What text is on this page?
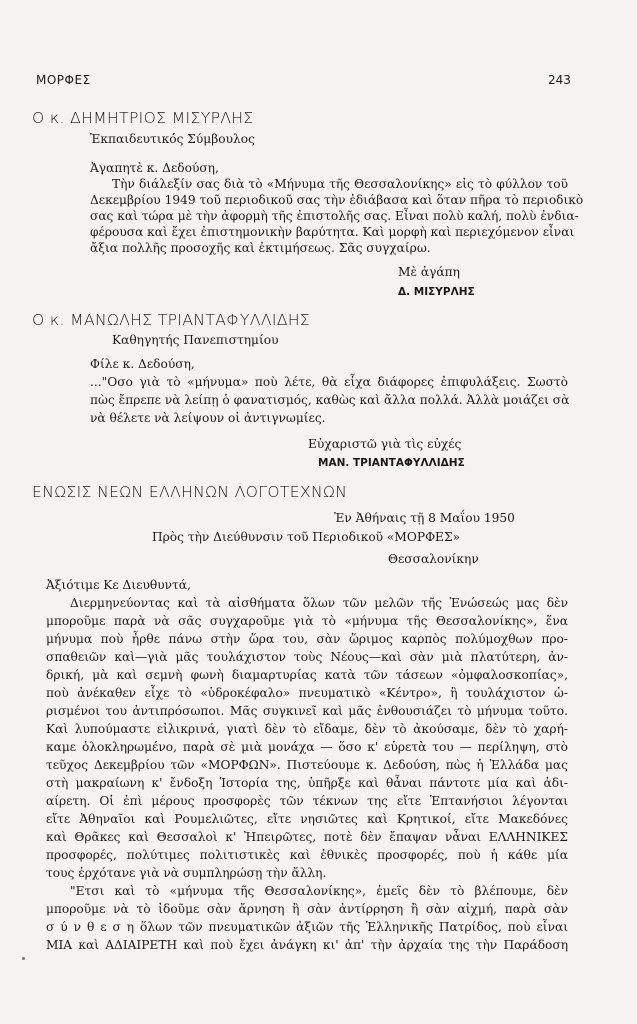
ΜΟΡΦΕΣ	243
Ο κ. ΔΗΜΗΤΡΙΟΣ ΜΙΣΥΡΛΗΣ
Ἐκπαιδευτικός Σύμβουλος
Ἀγαπητὲ κ. Δεδούση,
Τὴν διάλεξίν σας διὰ τὸ «Μήνυμα τῆς Θεσσαλονίκης» εἰς τὸ φύλλον τοῦ
Δεκεμβρίου 1949 τοῦ περιοδικοῦ σας τὴν ἐδιάβασα καὶ ὅταν πῆρα τὸ περιοδικὸ
σας καὶ τώρα μὲ τὴν ἀφορμὴ τῆς ἐπιστολῆς σας. Εἶναι πολὺ καλή, πολὺ ἐνδια-
φέρουσα καὶ ἔχει ἐπιστημονικὴν βαρύτητα. Καὶ μορφὴ καὶ περιεχόμενον εἶναι
ἄξια πολλῆς προσοχῆς καὶ ἐκτιμήσεως. Σᾶς συγχαίρω.
Μὲ ἀγάπη
Δ. ΜΙΣΥΡΛΗΣ
Ο κ. ΜΑΝΩΛΗΣ ΤΡΙΑΝΤΑΦΥΛΛΙΔΗΣ
Καθηγητής Πανεπιστημίου
Φίλε κ. Δεδούση,
..."Οσο γιὰ τὸ «μήνυμα» ποὺ λέτε, θὰ εἶχα διάφορες ἐπιφυλάξεις. Σωστὸ
πὼς ἔπρεπε νὰ λείπῃ ὁ φανατισμός, καθὼς καὶ ἄλλα πολλά. Ἀλλὰ μοιάζει σὰ
νὰ θέλετε νὰ λείψουν οἱ ἀντιγνωμίες.
Εὐχαριστῶ γιὰ τὶς εὐχές
ΜΑΝ. ΤΡΙΑΝΤΑΦΥΛΛΙΔΗΣ
ΕΝΩΣΙΣ ΝΕΩΝ ΕΛΛΗΝΩΝ ΛΟΓΟΤΕΧΝΩΝ
Ἐν Ἀθήναις τῇ 8 Μαΐου 1950
Πρὸς τὴν Διεύθυνσιν τοῦ Περιοδικοῦ «ΜΟΡΦΕΣ»
Θεσσαλονίκην
Ἀξιότιμε Κε Διευθυντά,
Διερμηνεύοντας καὶ τὰ αἰσθήματα ὅλων τῶν μελῶν τῆς Ἑνώσεώς μας δὲν
μποροῦμε παρὰ νὰ σᾶς συγχαροῦμε γιὰ τὸ «μήνυμα τῆς Θεσσαλονίκης», ἕνα
μήνυμα ποὺ ἦρθε πάνω στὴν ὥρα του, σὰν ὥριμος καρπὸς πολύμοχθων προ-
σπαθειῶν καὶ—γιὰ μᾶς τουλάχιστον τοὺς Νέους—καὶ σὰν μιὰ πλατύτερη, ἀν-
δρική, μὰ καὶ σεμνὴ φωνὴ διαμαρτυρίας κατὰ τῶν τάσεων «ὀμφαλοσκοπίας»,
ποὺ ἀνέκαθεν εἶχε τὸ «ὑδροκέφαλο» πνευματικὸ «Κέντρο», ἢ τουλάχιστον ὡ-
ρισμένοι του ἀντιπρόσωποι. Μᾶς συγκινεῖ καὶ μᾶς ἐνθουσιάζει τὸ μήνυμα τοῦτο.
Καὶ λυπούμαστε εἰλικρινά, γιατὶ δὲν τὸ εἴδαμε, δὲν τὸ ἀκούσαμε, δὲν τὸ χαρή-
καμε ὁλοκληρωμένο, παρὰ σὲ μιὰ μονάχα — ὅσο κ' εὑρετὰ του — περίληψη, στὸ
τεῦχος Δεκεμβρίου τῶν «ΜΟΡΦΩΝ». Πιστεύουμε κ. Δεδούση, πὼς ἡ Ἑλλάδα μας
στὴ μακραίωνη κ' ἔνδοξη Ἱστορία της, ὑπῆρξε καὶ θἆναι πάντοτε μία καὶ ἀδι-
αίρετη. Οἱ ἐπὶ μέρους προσφορὲς τῶν τέκνων της εἴτε Ἑπτανήσιοι λέγονται
εἴτε Ἀθηναῖοι καὶ Ρουμελιῶτες, εἴτε νησιῶτες καὶ Κρητικοί, εἴτε Μακεδόνες
καὶ Θρᾶκες καὶ Θεσσαλοὶ κ' Ἠπειρῶτες, ποτὲ δὲν ἔπαψαν νἆναι ΕΛΛΗΝΙΚΕΣ
προσφορές, πολύτιμες πολιτιστικὲς καὶ ἐθνικὲς προσφορές, ποὺ ἡ κάθε μία
τους ἐρχότανε γιὰ νὰ συμπληρώσῃ τὴν ἄλλη.
"Ετσι καὶ τὸ «μήνυμα τῆς Θεσσαλονίκης», ἐμεῖς δὲν τὸ βλέπουμε, δὲν
μποροῦμε νὰ τὸ ἰδοῦμε σὰν ἄρνηση ἢ σὰν ἀντίρρηση ἢ σὰν αἰχμή, παρὰ σὰν
σ ύ ν θ ε σ η ὅλων τῶν πνευματικῶν ἀξιῶν τῆς Ἑλληνικῆς Πατρίδος, ποὺ εἶναι
ΜΙΑ καὶ ΑΔΙΑΙΡΕΤΗ καὶ ποὺ ἔχει ἀνάγκη κι' ἀπ' τὴν ἀρχαία της τὴν Παράδοση
